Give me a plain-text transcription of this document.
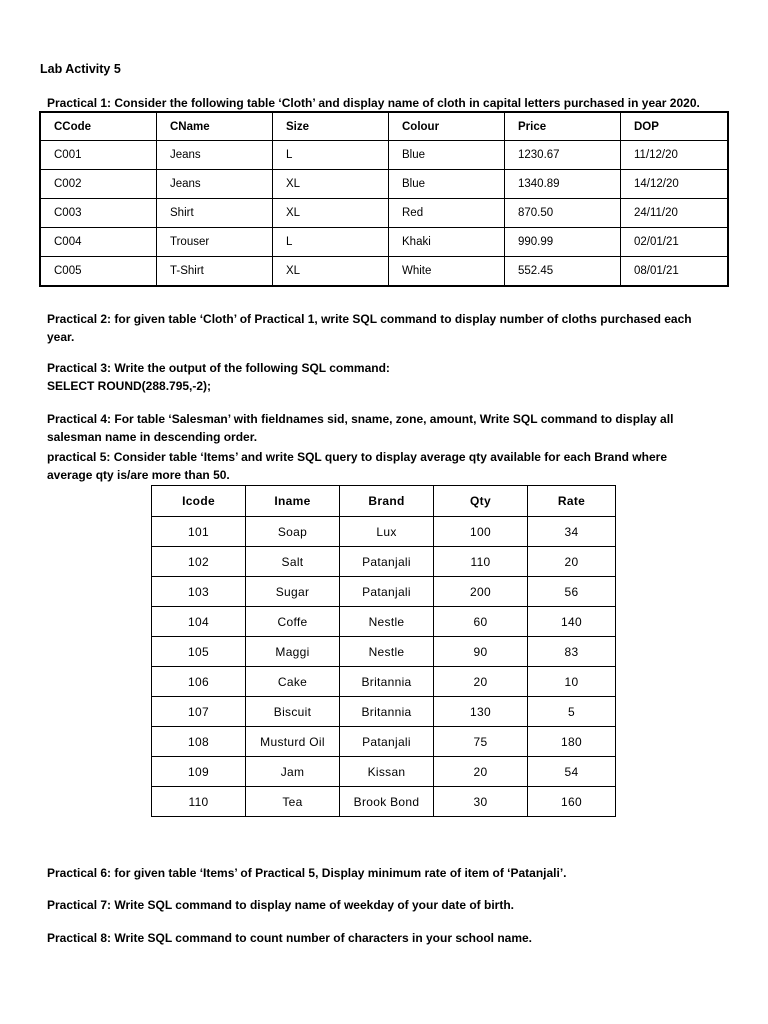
Lab Activity 5
Practical 1: Consider the following table ‘Cloth’ and display name of cloth in capital letters purchased in year 2020.
CCode	CName	Size	Colour	Price	DOP
C001	Jeans	L	Blue	1230.67	11/12/20
C002	Jeans	XL	Blue	1340.89	14/12/20
C003	Shirt	XL	Red	870.50	24/11/20
C004	Trouser	L	Khaki	990.99	02/01/21
C005	T-Shirt	XL	White	552.45	08/01/21
Practical 2: for given table ‘Cloth’ of Practical 1, write SQL command to display number of cloths purchased each
year.
Practical 3: Write the output of the following SQL command:
SELECT ROUND(288.795,-2);
Practical 4: For table ‘Salesman’ with fieldnames sid, sname, zone, amount, Write SQL command to display all
salesman name in descending order.
practical 5: Consider table ‘Items’ and write SQL query to display average qty available for each Brand where
average qty is/are more than 50.
Icode	Iname	Brand	Qty	Rate
101	Soap	Lux	100	34
102	Salt	Patanjali	110	20
103	Sugar	Patanjali	200	56
104	Coffe	Nestle	60	140
105	Maggi	Nestle	90	83
106	Cake	Britannia	20	10
107	Biscuit	Britannia	130	5
108	Musturd Oil	Patanjali	75	180
109	Jam	Kissan	20	54
110	Tea	Brook Bond	30	160
Practical 6: for given table ‘Items’ of Practical 5, Display minimum rate of item of ‘Patanjali’.
Practical 7: Write SQL command to display name of weekday of your date of birth.
Practical 8: Write SQL command to count number of characters in your school name.
